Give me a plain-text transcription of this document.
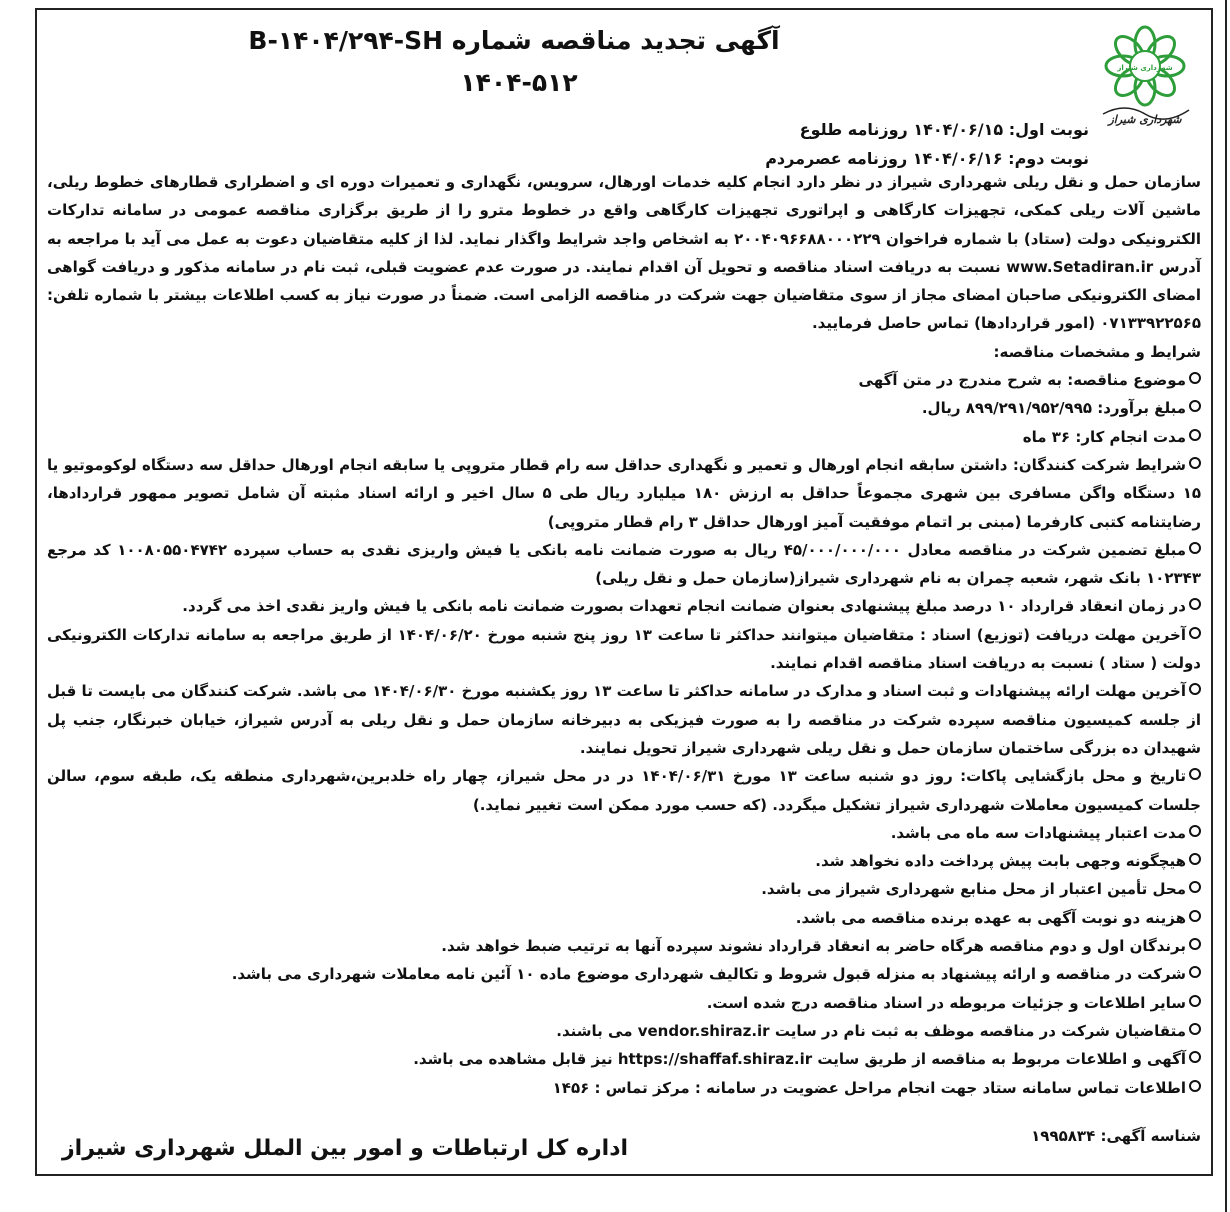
شهرداری شیراز
شهرداری شیراز
آگهی تجدید مناقصه شماره B-۱۴۰۴/۲۹۴-SH
۱۴۰۴-۵۱۲
نوبت اول: ۱۴۰۴/۰۶/۱۵ روزنامه طلوع
نوبت دوم: ۱۴۰۴/۰۶/۱۶ روزنامه عصرمردم

سازمان حمل و نقل ریلی شهرداری شیراز در نظر دارد انجام کلیه خدمات اورهال، سرویس، نگهداری و تعمیرات دوره ای و اضطراری قطارهای خطوط ریلی، ماشین آلات ریلی کمکی، تجهیزات کارگاهی و اپراتوری تجهیزات کارگاهی واقع در خطوط مترو را از طریق برگزاری مناقصه عمومی در سامانه تدارکات الکترونیکی دولت (ستاد) با شماره فراخوان ۲۰۰۴۰۹۶۶۸۸۰۰۰۲۲۹ به اشخاص واجد شرایط واگذار نماید. لذا از کلیه متقاضیان دعوت به عمل می آید با مراجعه به آدرس www.Setadiran.ir نسبت به دریافت اسناد مناقصه و تحویل آن اقدام نمایند. در صورت عدم عضویت قبلی، ثبت نام در سامانه مذکور و دریافت گواهی امضای الکترونیکی صاحبان امضای مجاز از سوی متقاضیان جهت شرکت در مناقصه الزامی است. ضمناً در صورت نیاز به کسب اطلاعات بیشتر با شماره تلفن: ۰۷۱۳۳۹۲۲۵۶۵ (امور قراردادها) تماس حاصل فرمایید.

شرایط و مشخصات مناقصه:

موضوع مناقصه: به شرح مندرج در متن آگهی

مبلغ برآورد: ۸۹۹/۲۹۱/۹۵۲/۹۹۵ ریال.

مدت انجام کار: ۳۶ ماه

شرایط شرکت کنندگان: داشتن سابقه انجام اورهال و تعمیر و نگهداری حداقل سه رام قطار متروپی یا سابقه انجام اورهال حداقل سه دستگاه لوکوموتیو یا ۱۵ دستگاه واگن مسافری بین شهری مجموعاً حداقل به ارزش ۱۸۰ میلیارد ریال طی ۵ سال اخیر و ارائه اسناد مثبته آن شامل تصویر ممهور قراردادها، رضایتنامه کتبی کارفرما (مبنی بر اتمام موفقیت آمیز اورهال حداقل ۳ رام قطار متروپی)

مبلغ تضمین شرکت در مناقصه معادل ۴۵/۰۰۰/۰۰۰/۰۰۰ ریال به صورت ضمانت نامه بانکی یا فیش واریزی نقدی به حساب سپرده ۱۰۰۸۰۵۵۰۴۷۴۲ کد مرجع ۱۰۲۳۴۳ بانک شهر، شعبه چمران به نام شهرداری شیراز(سازمان حمل و نقل ریلی)

در زمان انعقاد قرارداد ۱۰ درصد مبلغ پیشنهادی بعنوان ضمانت انجام تعهدات بصورت ضمانت نامه بانکی یا فیش واریز نقدی اخذ می گردد.

آخرین مهلت دریافت (توزیع) اسناد : متقاضیان میتوانند حداکثر تا ساعت ۱۳ روز پنج شنبه مورخ ۱۴۰۴/۰۶/۲۰ از طریق مراجعه به سامانه تدارکات الکترونیکی دولت ( ستاد ) نسبت به دریافت اسناد مناقصه اقدام نمایند.

آخرین مهلت ارائه پیشنهادات و ثبت اسناد و مدارک در سامانه حداکثر تا ساعت ۱۳ روز یکشنبه مورخ ۱۴۰۴/۰۶/۳۰ می باشد. شرکت کنندگان می بایست تا قبل از جلسه کمیسیون مناقصه سپرده شرکت در مناقصه را به صورت فیزیکی به دبیرخانه سازمان حمل و نقل ریلی به آدرس شیراز، خیابان خبرنگار، جنب پل شهیدان ده بزرگی ساختمان سازمان حمل و نقل ریلی شهرداری شیراز تحویل نمایند.

تاریخ و محل بازگشایی پاکات: روز دو شنبه ساعت ۱۳ مورخ ۱۴۰۴/۰۶/۳۱ در در محل شیراز، چهار راه خلدبرین،شهرداری منطقه یک، طبقه سوم، سالن جلسات کمیسیون معاملات شهرداری شیراز تشکیل میگردد. (که حسب مورد ممکن است تغییر نماید.)

مدت اعتبار پیشنهادات سه ماه می باشد.

هیچگونه وجهی بابت پیش پرداخت داده نخواهد شد.

محل تأمین اعتبار از محل منابع شهرداری شیراز می باشد.

هزینه دو نوبت آگهی به عهده برنده مناقصه می باشد.

برندگان اول و دوم مناقصه هرگاه حاضر به انعقاد قرارداد نشوند سپرده آنها به ترتیب ضبط خواهد شد.

شرکت در مناقصه و ارائه پیشنهاد به منزله قبول شروط و تکالیف شهرداری موضوع ماده ۱۰ آئین نامه معاملات شهرداری می باشد.

سایر اطلاعات و جزئیات مربوطه در اسناد مناقصه درج شده است.

متقاضیان شرکت در مناقصه موظف به ثبت نام در سایت vendor.shiraz.ir می باشند.

آگهی و اطلاعات مربوط به مناقصه از طریق سایت https://shaffaf.shiraz.ir نیز قابل مشاهده می باشد.

اطلاعات تماس سامانه ستاد جهت انجام مراحل عضویت در سامانه : مرکز تماس : ۱۴۵۶

شناسه آگهی: ۱۹۹۵۸۳۴
اداره کل ارتباطات و امور بین الملل شهرداری شیراز
